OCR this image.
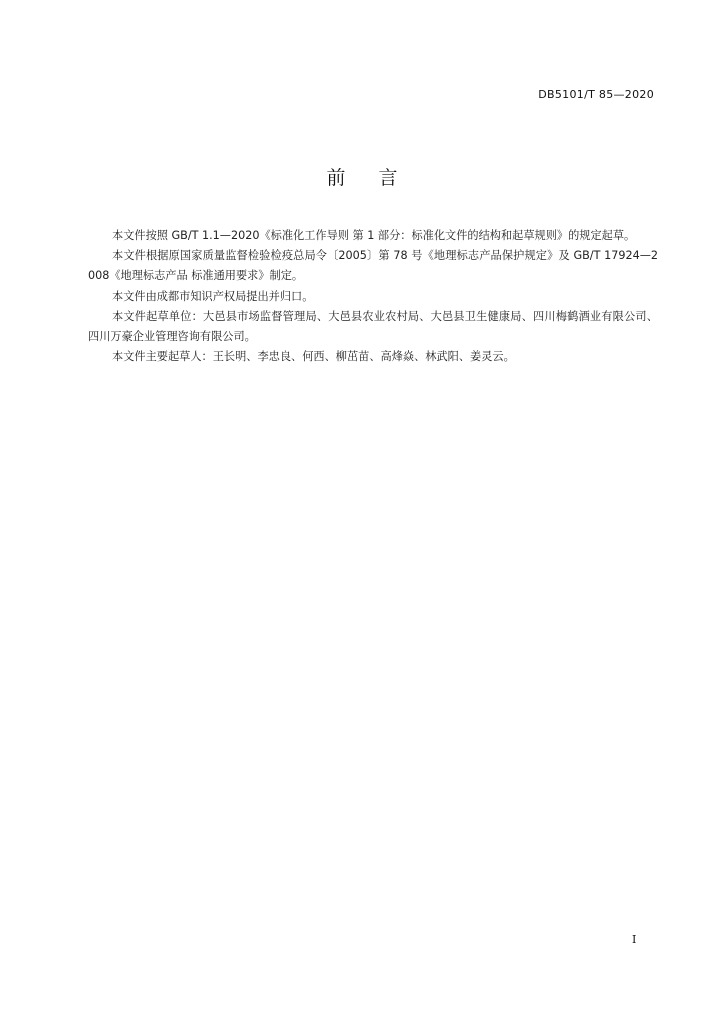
DB5101/T 85—2020
前言

本文件按照 GB/T 1.1—2020《标准化工作导则 第 1 部分：标准化文件的结构和起草规则》的规定起草。

本文件根据原国家质量监督检验检疫总局令〔2005〕第 78 号《地理标志产品保护规定》及 GB/T 17924—2008《地理标志产品 标准通用要求》制定。

本文件由成都市知识产权局提出并归口。

本文件起草单位：大邑县市场监督管理局、大邑县农业农村局、大邑县卫生健康局、四川梅鹤酒业有限公司、四川万豪企业管理咨询有限公司。

本文件主要起草人：王长明、李忠良、何西、柳茁苗、高烽焱、林武阳、姜灵云。

I
